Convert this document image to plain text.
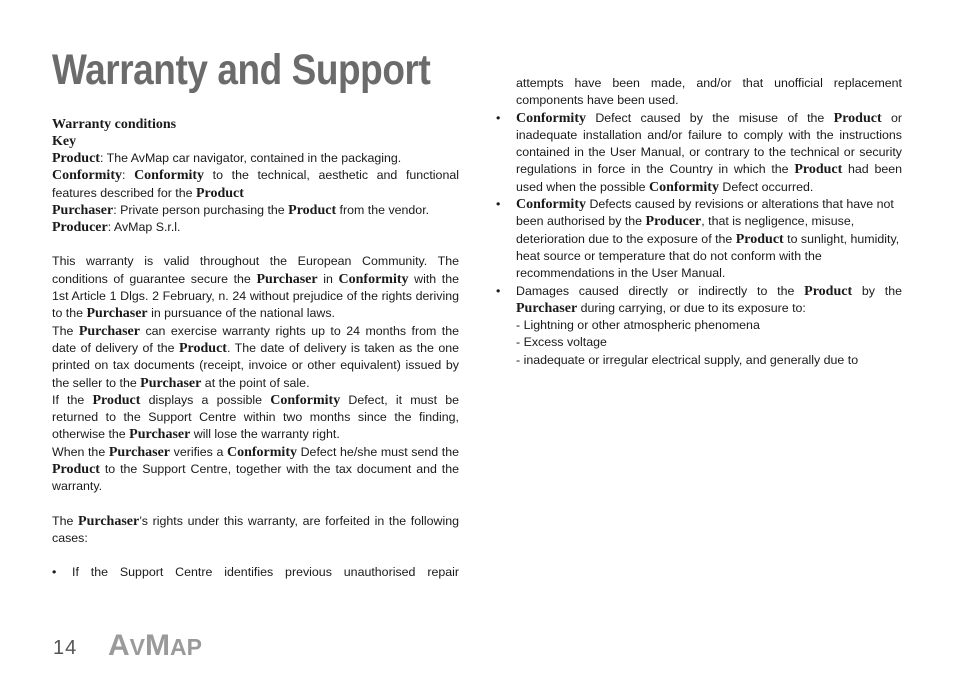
Warranty and Support
Warranty conditions
Key
Product: The AvMap car navigator, contained in the packaging.
Conformity: Conformity to the technical, aesthetic and functional features described for the Product
Purchaser: Private person purchasing the Product from the vendor.
Producer: AvMap S.r.l.

This warranty is valid throughout the European Community. The conditions of guarantee secure the Purchaser in Conformity with the 1st Article 1 Dlgs. 2 February, n. 24 without prejudice of the rights deriving to the Purchaser in pursuance of the national laws.

The Purchaser can exercise warranty rights up to 24 months from the date of delivery of the Product. The date of delivery is taken as the one printed on tax documents (receipt, invoice or other equivalent) issued by the seller to the Purchaser at the point of sale.

If the Product displays a possible Conformity Defect, it must be returned to the Support Centre within two months since the finding, otherwise the Purchaser will lose the warranty right.

When the Purchaser verifies a Conformity Defect he/she must send the Product to the Support Centre, together with the tax document and the warranty.

The Purchaser’s rights under this warranty, are forfeited in the following cases:

• If the Support Centre identifies previous unauthorised repair
attempts have been made, and/or that unofficial replacement components have been used.
• Conformity Defect caused by the misuse of the Product or inadequate installation and/or failure to comply with the instructions contained in the User Manual, or contrary to the technical or security regulations in force in the Country in which the Product had been used when the possible Conformity Defect occurred.
• Conformity Defects caused by revisions or alterations that have not been authorised by the Producer, that is negligence, misuse, deterioration due to the exposure of the Product to sunlight, humidity, heat source or temperature that do not conform with the recommendations in the User Manual.
• Damages caused directly or indirectly to the Product by the Purchaser during carrying, or due to its exposure to:
- Lightning or other atmospheric phenomena
- Excess voltage
- inadequate or irregular electrical supply, and generally due to
14 AVMAP
